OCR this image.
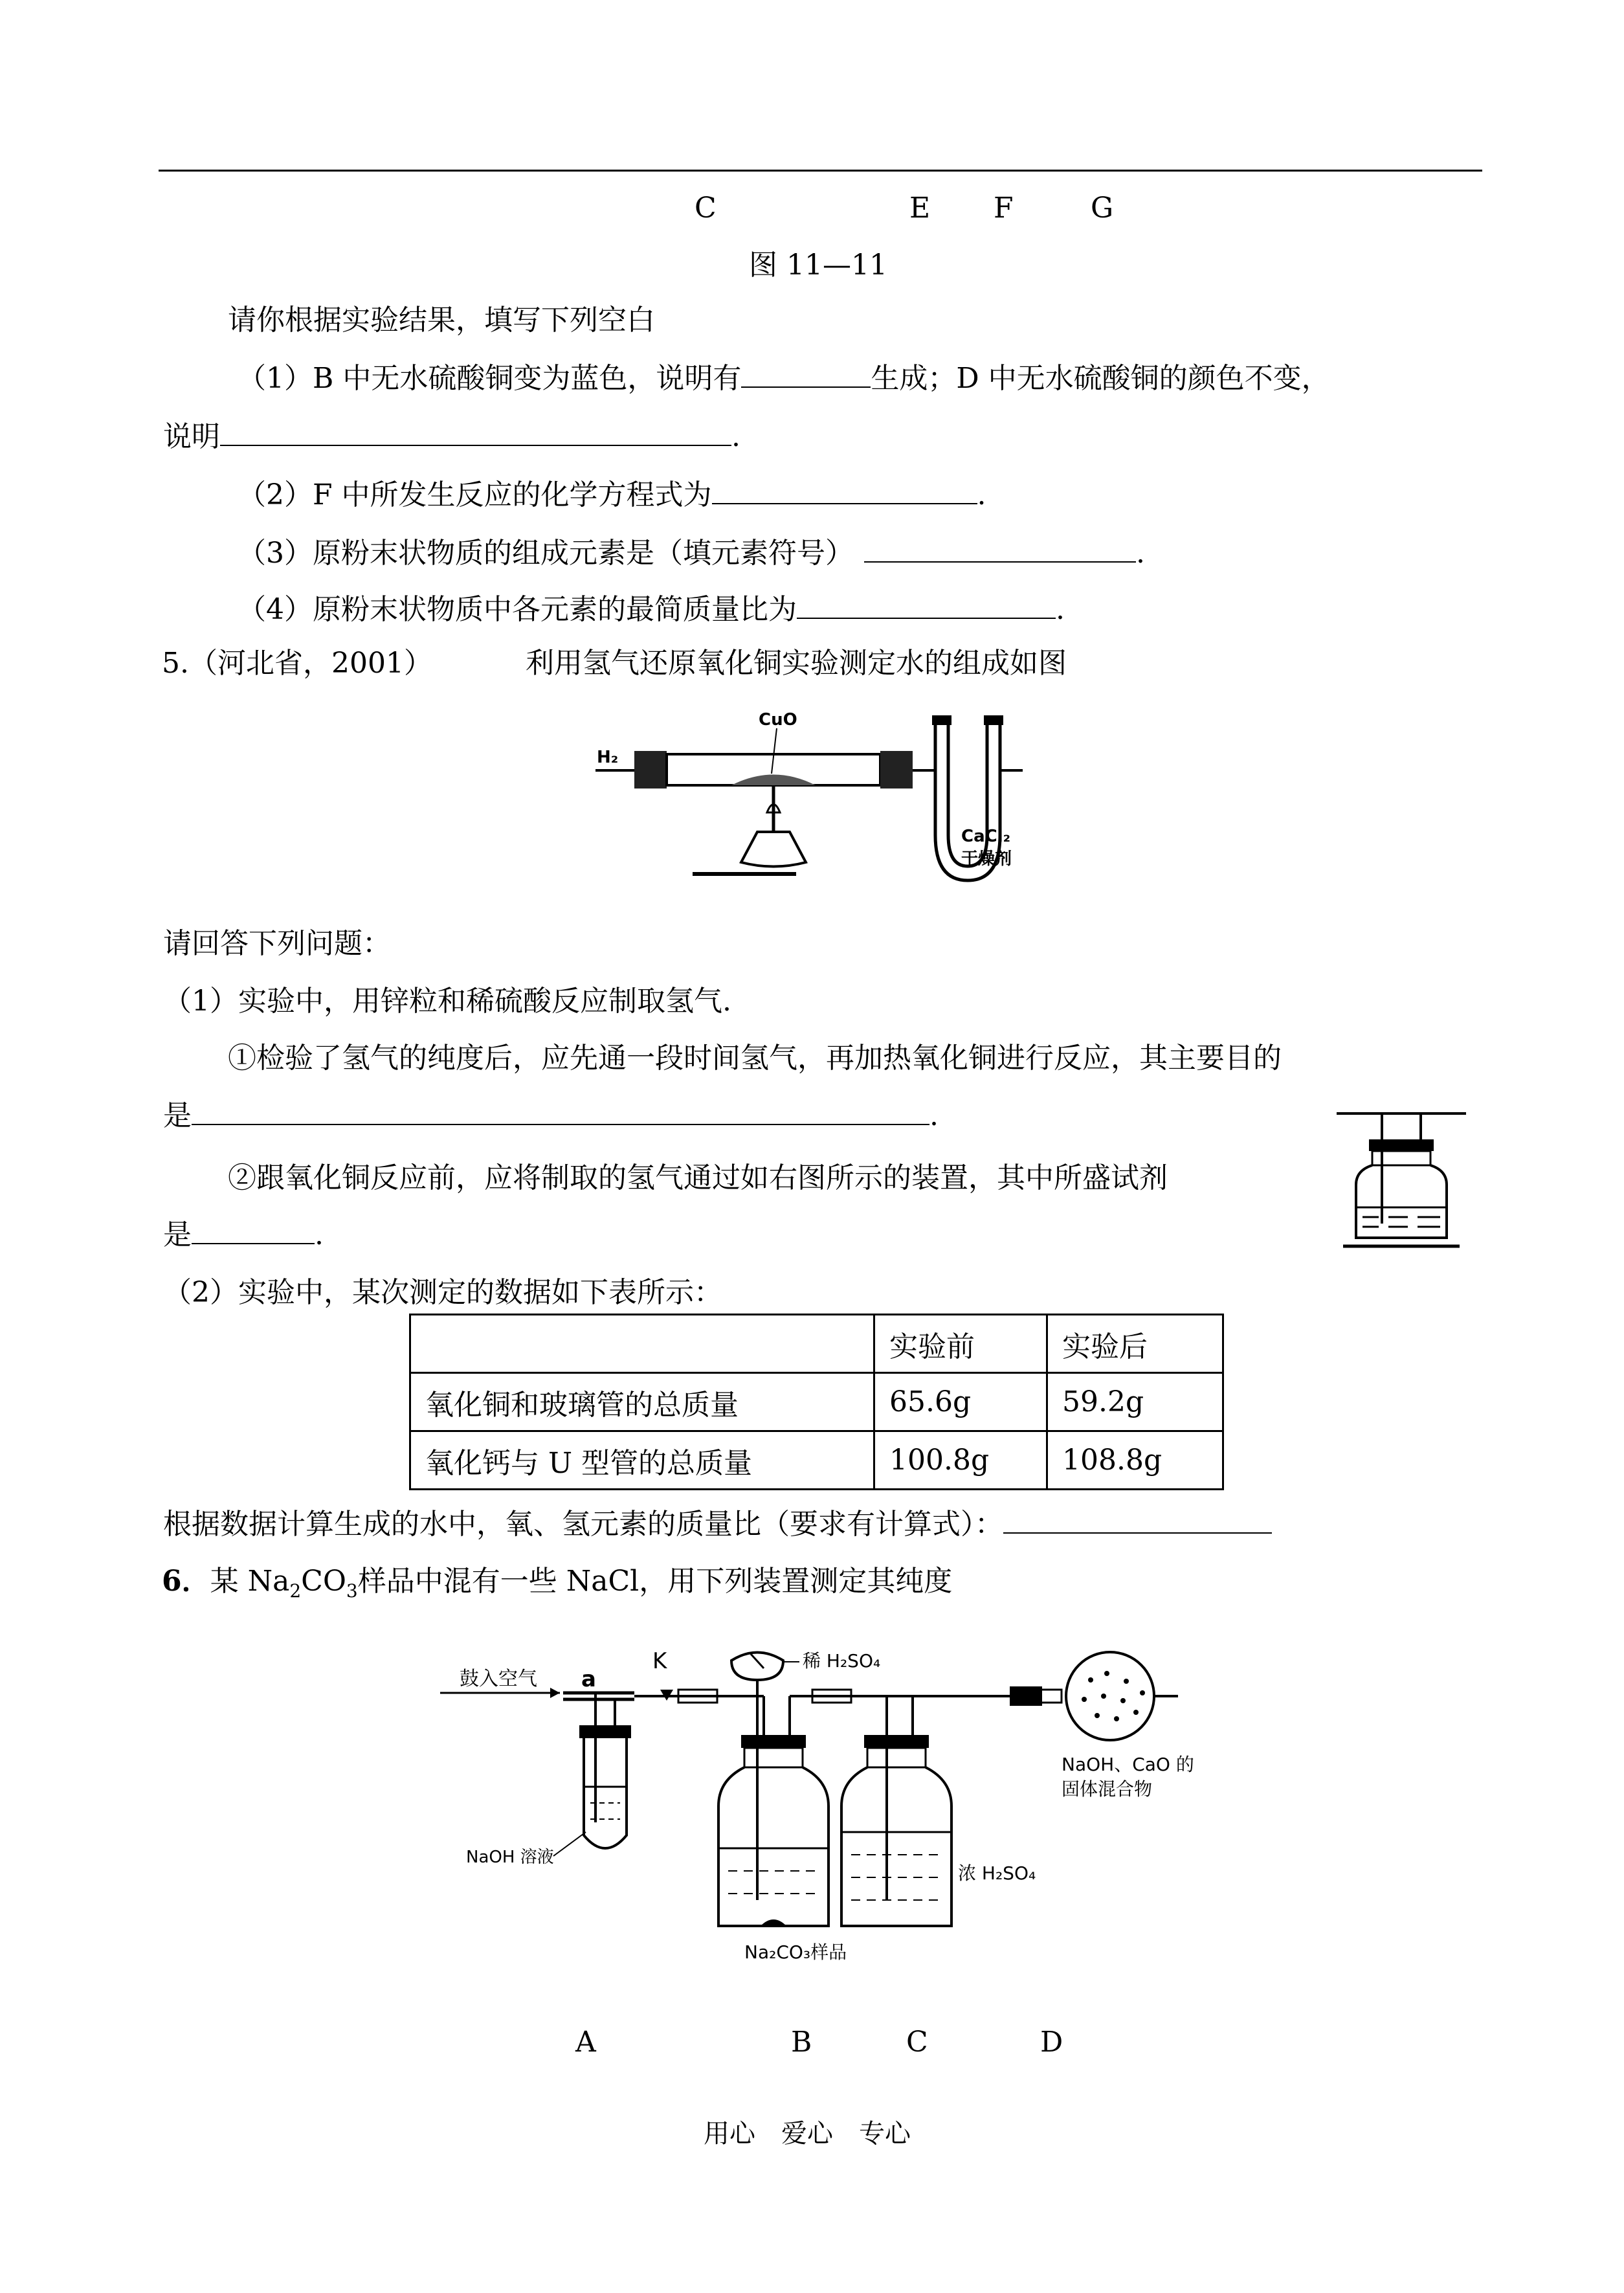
C	E F	G
图 11—11
请你根据实验结果，填写下列空白
（1）B 中无水硫酸铜变为蓝色，说明有	生成；D 中无水硫酸铜的颜色不变，
说明	.
（2）F 中所发生反应的化学方程式为	.
（3）原粉末状物质的组成元素是（填元素符号）	.
（4）原粉末状物质中各元素的最简质量比为	.
5.（河北省，2001）	利用氢气还原氧化铜实验测定水的组成如图
H₂
CuO
CaCl₂
干燥剂
请回答下列问题：
（1）实验中，用锌粒和稀硫酸反应制取氢气.
①检验了氢气的纯度后，应先通一段时间氢气，再加热氧化铜进行反应，其主要目的
是	.
②跟氧化铜反应前，应将制取的氢气通过如右图所示的装置，其中所盛试剂
是	.
（2）实验中，某次测定的数据如下表所示：
	实验前	实验后
氧化铜和玻璃管的总质量	65.6g	59.2g
氧化钙与 U 型管的总质量	100.8g	108.8g
根据数据计算生成的水中，氧、氢元素的质量比（要求有计算式）：
6．某 $Na_2CO_3$样品中混有一些 NaCl，用下列装置测定其纯度
鼓入空气 a
K
NaOH 溶液
稀 H₂SO₄
Na₂CO₃样品
浓 H₂SO₄
NaOH、CaO 的
固体混合物
A	B	C	D
用心　爱心　专心
